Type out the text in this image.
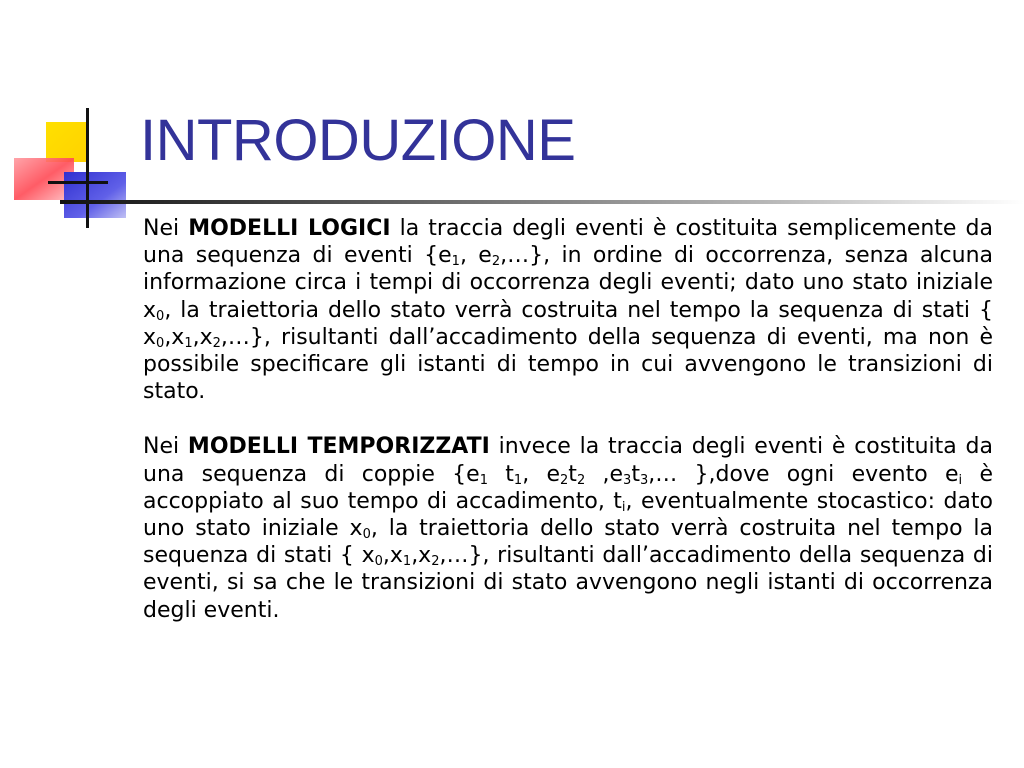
INTRODUZIONE

Nei MODELLI LOGICI la traccia degli eventi è costituita semplicemente da una sequenza di eventi {$e_1$, $e_2,\dots$}, in ordine di occorrenza, senza alcuna informazione circa i tempi di occorrenza degli eventi; dato uno stato iniziale $x_0$, la traiettoria dello stato verrà costruita nel tempo la sequenza di stati { $x_0,x_1,x_2,\dots$}, risultanti dall’accadimento della sequenza di eventi, ma non è possibile specificare gli istanti di tempo in cui avvengono le transizioni di stato.

Nei MODELLI TEMPORIZZATI invece la traccia degli eventi è costituita da una sequenza di coppie {$e_1$ $t_1$, $e_2t_2$ $,e_3t_3,\dots$ },dove ogni evento $e_i$ è accoppiato al suo tempo di accadimento, $t_i$, eventualmente stocastico: dato uno stato iniziale $x_0$, la traiettoria dello stato verrà costruita nel tempo la sequenza di stati { $x_0,x_1,x_2,\dots$}, risultanti dall’accadimento della sequenza di eventi, si sa che le transizioni di stato avvengono negli istanti di occorrenza degli eventi.
